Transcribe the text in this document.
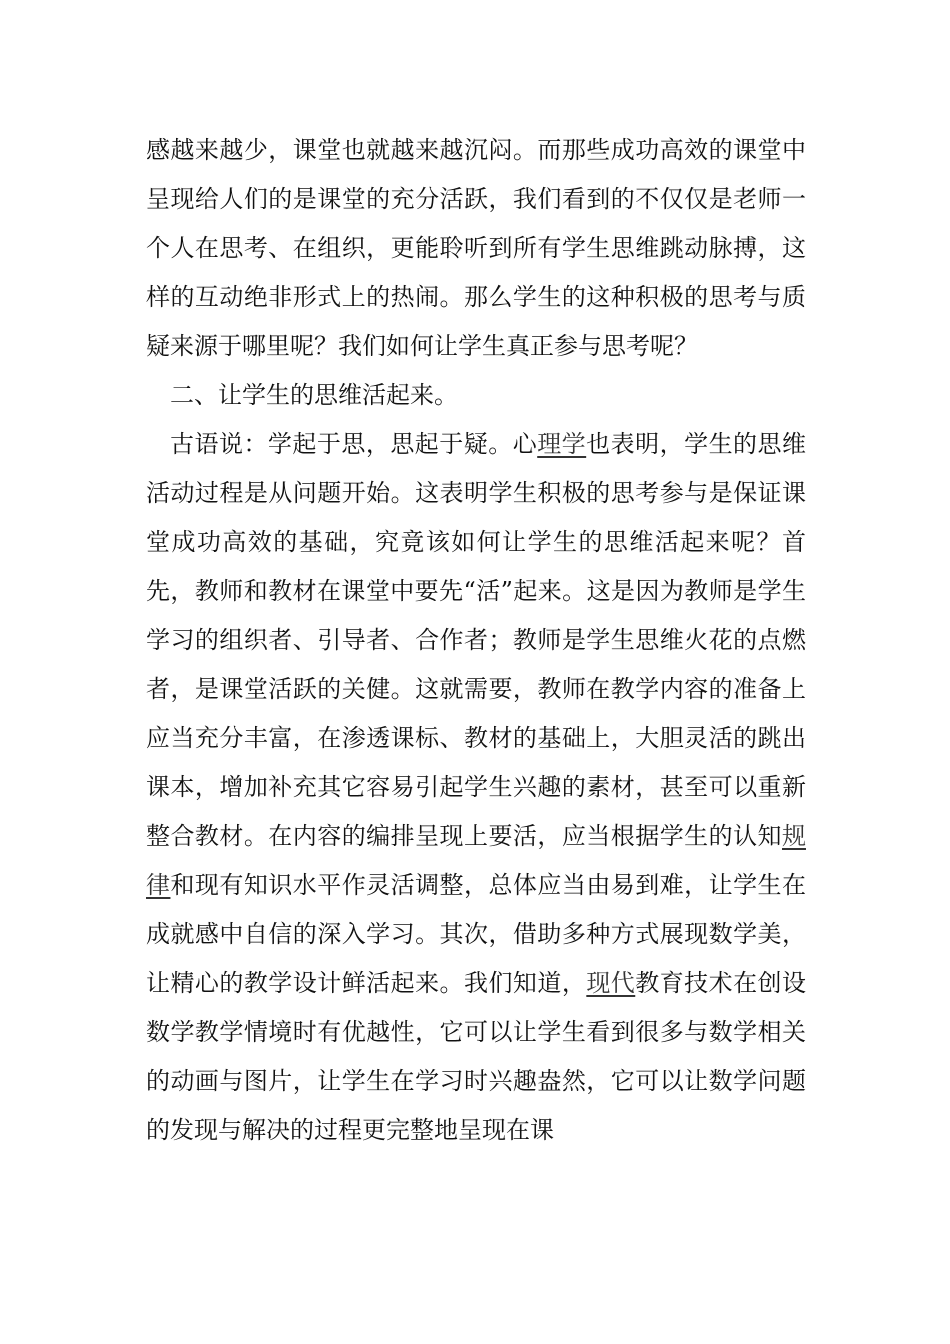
感越来越少，课堂也就越来越沉闷。而那些成功高效的课堂中呈现给人们的是课堂的充分活跃，我们看到的不仅仅是老师一个人在思考、在组织，更能聆听到所有学生思维跳动脉搏，这样的互动绝非形式上的热闹。那么学生的这种积极的思考与质疑来源于哪里呢？我们如何让学生真正参与思考呢？

二、让学生的思维活起来。

古语说：学起于思，思起于疑。心理学也表明，学生的思维活动过程是从问题开始。这表明学生积极的思考参与是保证课堂成功高效的基础，究竟该如何让学生的思维活起来呢？首先，教师和教材在课堂中要先“活”起来。这是因为教师是学生学习的组织者、引导者、合作者；教师是学生思维火花的点燃者，是课堂活跃的关健。这就需要，教师在教学内容的准备上应当充分丰富，在渗透课标、教材的基础上，大胆灵活的跳出课本，增加补充其它容易引起学生兴趣的素材，甚至可以重新整合教材。在内容的编排呈现上要活，应当根据学生的认知规律和现有知识水平作灵活调整，总体应当由易到难，让学生在成就感中自信的深入学习。其次，借助多种方式展现数学美，让精心的教学设计鲜活起来。我们知道，现代教育技术在创设数学教学情境时有优越性，它可以让学生看到很多与数学相关的动画与图片，让学生在学习时兴趣盎然，它可以让数学问题的发现与解决的过程更完整地呈现在课
